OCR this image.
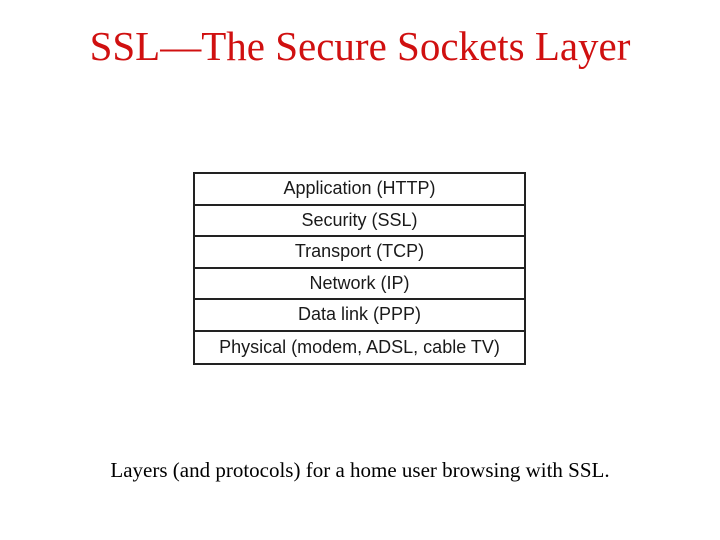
SSL—The Secure Sockets Layer
Application (HTTP)
Security (SSL)
Transport (TCP)
Network (IP)
Data link (PPP)
Physical (modem, ADSL, cable TV)
Layers (and protocols) for a home user browsing with SSL.
